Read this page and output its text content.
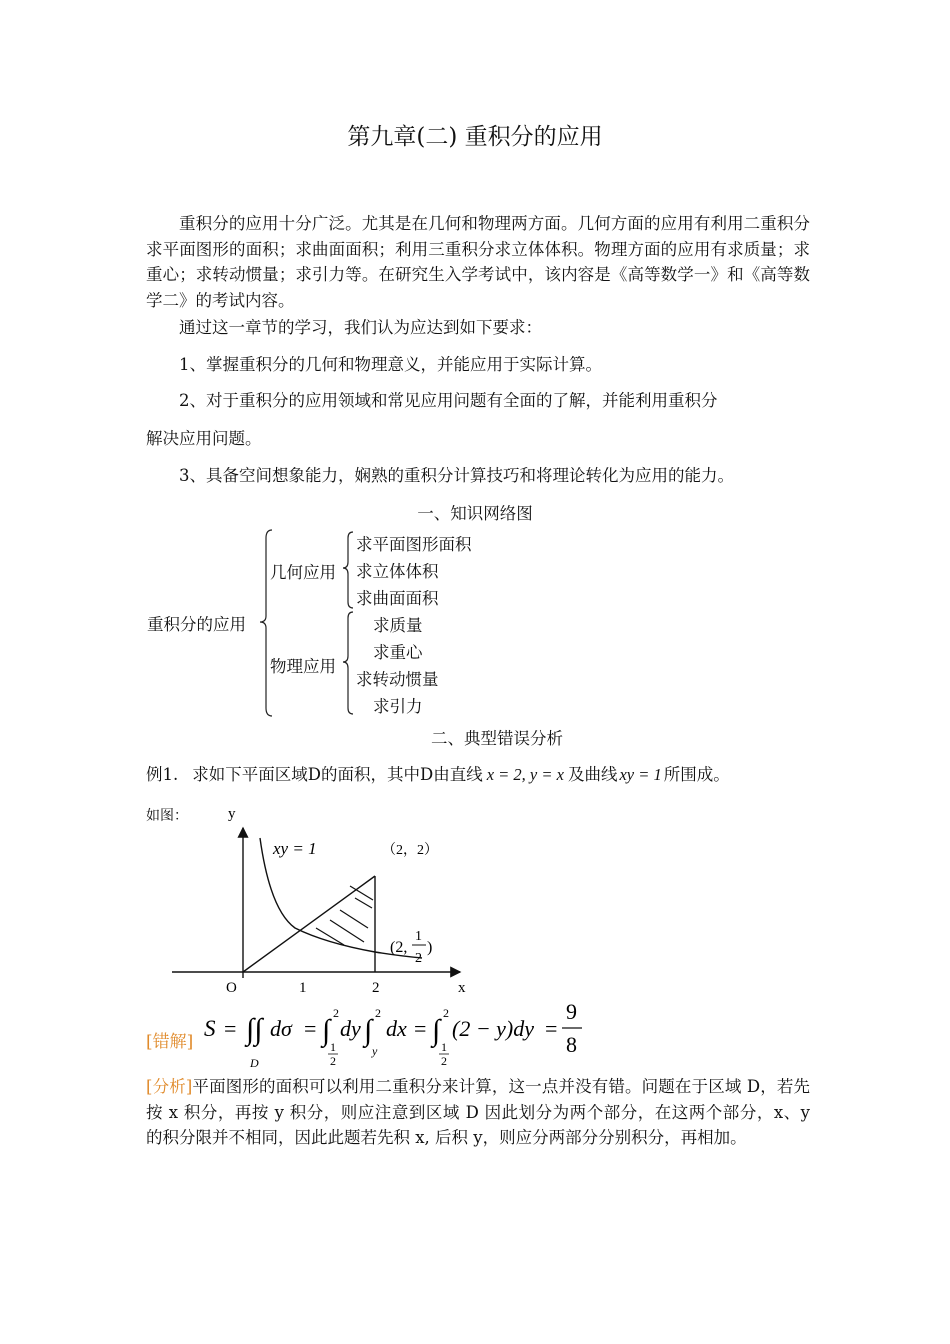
第九章(二) 重积分的应用
重积分的应用十分广泛。尤其是在几何和物理两方面。几何方面的应用有利用二重积分求平面图形的面积；求曲面面积；利用三重积分求立体体积。物理方面的应用有求质量；求重心；求转动惯量；求引力等。在研究生入学考试中，该内容是《高等数学一》和《高等数学二》的考试内容。
通过这一章节的学习，我们认为应达到如下要求：
1、掌握重积分的几何和物理意义，并能应用于实际计算。
2、对于重积分的应用领域和常见应用问题有全面的了解，并能利用重积分
解决应用问题。
3、具备空间想象能力，娴熟的重积分计算技巧和将理论转化为应用的能力。
一、知识网络图
重积分的应用
几何应用
求平面图形面积
求立体体积
求曲面面积
物理应用
求质量
求重心
求转动惯量
求引力
二、典型错误分析
例1. 求如下平面区域D的面积，其中D由直线 x = 2, y = x 及曲线 xy = 1 所围成。
如图：	y
x
O	1	2
xy = 1	（2，2）
(2,
1
2
)
[错解]
S = ∫∫ dσ
D
= ∫
2
1
2
dy ∫
2
y
dx = ∫
2
1
2
(2 − y)dy =
9
8
[分析]平面图形的面积可以利用二重积分来计算，这一点并没有错。问题在于区域 D，若先按 x 积分，再按 y 积分，则应注意到区域 D 因此划分为两个部分，在这两个部分，x、y 的积分限并不相同，因此此题若先积 x, 后积 y，则应分两部分分别积分，再相加。
